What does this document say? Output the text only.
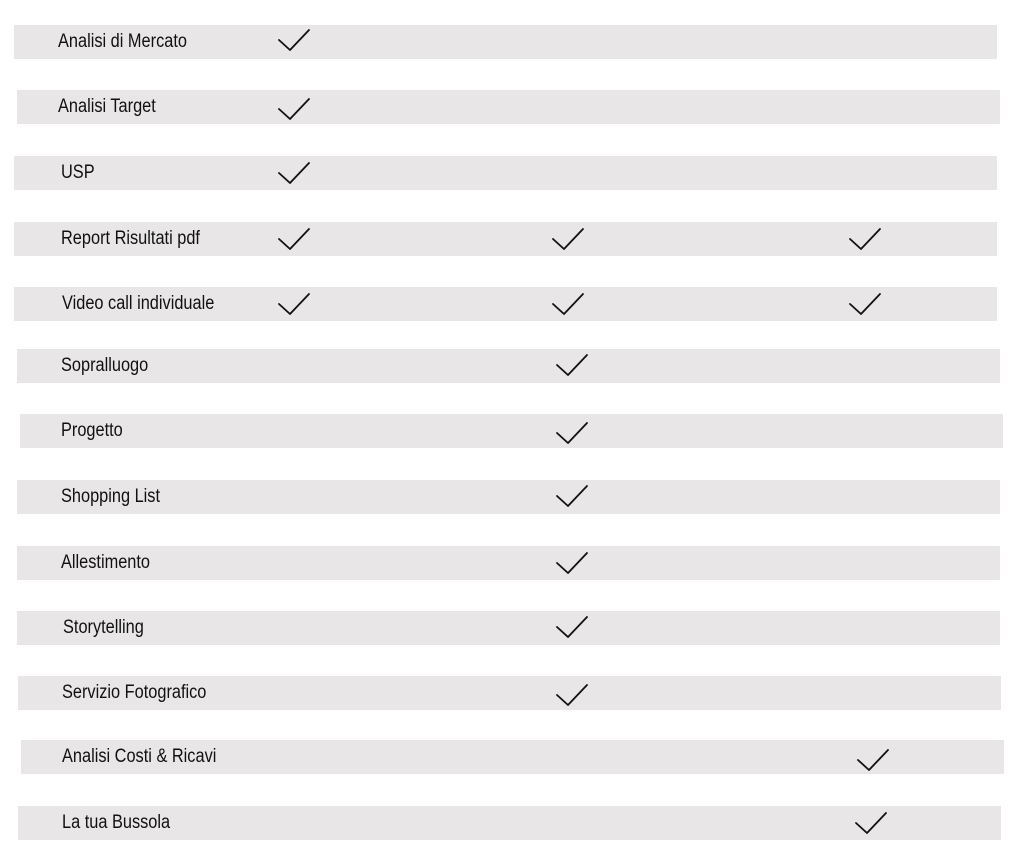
Analisi di Mercato
Analisi Target
USP
Report Risultati pdf
Video call individuale
Sopralluogo
Progetto
Shopping List
Allestimento
Storytelling
Servizio Fotografico
Analisi Costi & Ricavi
La tua Bussola
